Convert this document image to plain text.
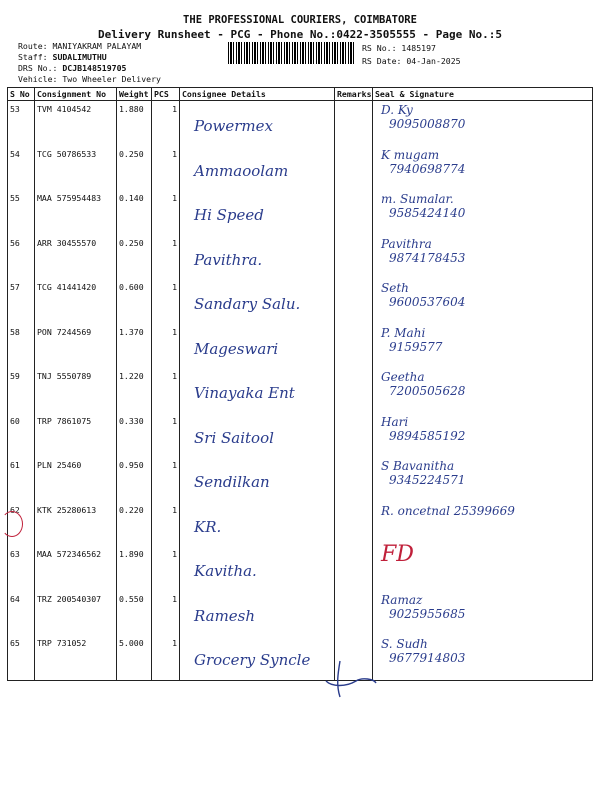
THE PROFESSIONAL COURIERS, COIMBATORE
Delivery Runsheet - PCG - Phone No.:0422-3505555 - Page No.:5
Route: MANIYAKRAM PALAYAM
Staff: SUDALIMUTHU
DRS No.: DCJB148519705
Vehicle: Two Wheeler Delivery
RS No.: 1485197
RS Date: 04-Jan-2025
S No	Consignment No	Weight	PCS	Consignee Details	Remarks	Seal & Signature
53	TVM 4104542	1.880	1	Powermex		D. Ky
9095008870

54	TCG 50786533	0.250	1	Ammaoolam		K mugam
7940698774

55	MAA 575954483	0.140	1	Hi Speed		m. Sumalar.
9585424140

56	ARR 30455570	0.250	1	Pavithra.		Pavithra
9874178453

57	TCG 41441420	0.600	1	Sandary Salu.		Seth
9600537604

58	PON 7244569	1.370	1	Mageswari		P. Mahi
9159577

59	TNJ 5550789	1.220	1	Vinayaka Ent		Geetha
7200505628

60	TRP 7861075	0.330	1	Sri Saitool		Hari
9894585192

61	PLN 25460	0.950	1	Sendilkan		S Bavanitha
9345224571

62	KTK 25280613	0.220	1	KR.		R. oncetnal 25399669

63	MAA 572346562	1.890	1	Kavitha.		FD

64	TRZ 200540307	0.550	1	Ramesh		Ramaz
9025955685

65	TRP 731052	5.000	1	Grocery Syncle		S. Sudh
9677914803
